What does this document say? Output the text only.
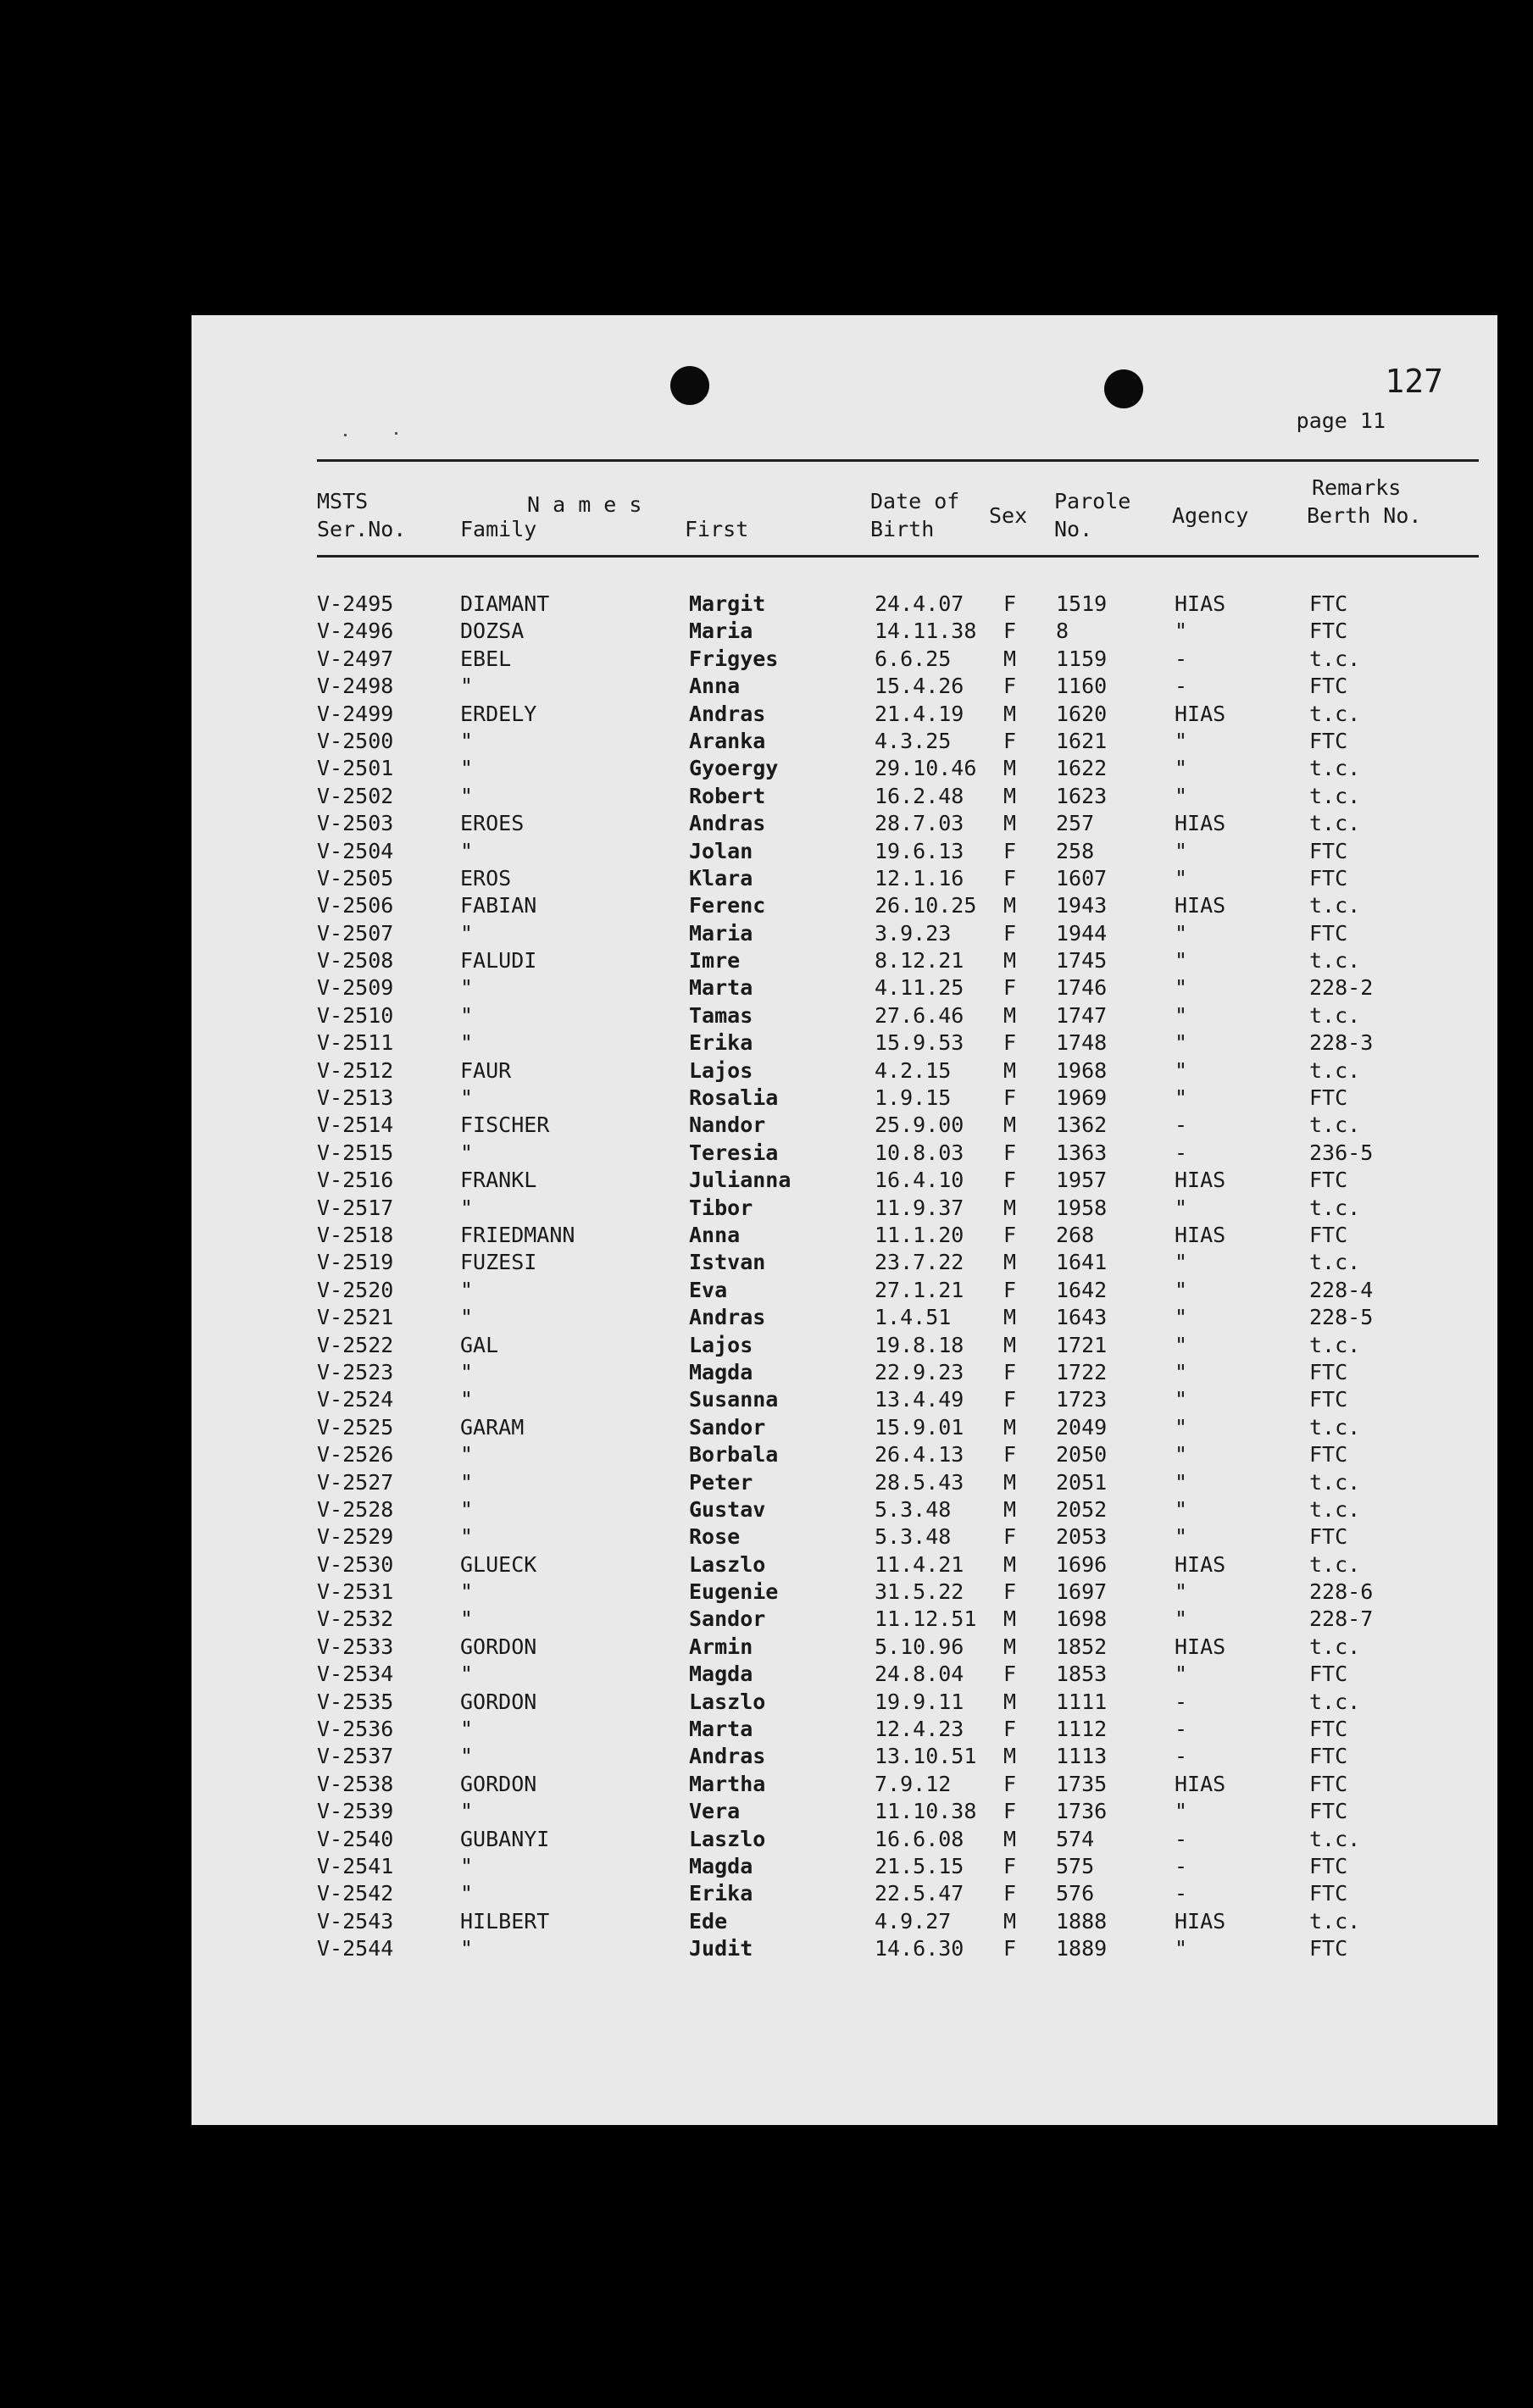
127
page 11
MSTS
Ser.No.
N a m e s
Family	First
Date of
Birth
Sex
Parole
No.
Agency
Remarks
Berth No.
V-2495	DIAMANT	Margit	24.4.07 F 1519	HIAS	FTC
V-2496	DOZSA	Maria	14.11.38 F 8	"	FTC
V-2497	EBEL	Frigyes	6.6.25 M 1159	-	t.c.
V-2498	"	Anna	15.4.26 F 1160	-	FTC
V-2499	ERDELY	Andras	21.4.19 M 1620	HIAS	t.c.
V-2500	"	Aranka	4.3.25 F 1621	"	FTC
V-2501	"	Gyoergy	29.10.46 M 1622	"	t.c.
V-2502	"	Robert	16.2.48 M 1623	"	t.c.
V-2503	EROES	Andras	28.7.03 M 257	HIAS	t.c.
V-2504	"	Jolan	19.6.13 F 258	"	FTC
V-2505	EROS	Klara	12.1.16 F 1607	"	FTC
V-2506	FABIAN	Ferenc	26.10.25 M 1943	HIAS	t.c.
V-2507	"	Maria	3.9.23 F 1944	"	FTC
V-2508	FALUDI	Imre	8.12.21 M 1745	"	t.c.
V-2509	"	Marta	4.11.25 F 1746	"	228-2
V-2510	"	Tamas	27.6.46 M 1747	"	t.c.
V-2511	"	Erika	15.9.53 F 1748	"	228-3
V-2512	FAUR	Lajos	4.2.15 M 1968	"	t.c.
V-2513	"	Rosalia	1.9.15 F 1969	"	FTC
V-2514	FISCHER	Nandor	25.9.00 M 1362	-	t.c.
V-2515	"	Teresia	10.8.03 F 1363	-	236-5
V-2516	FRANKL	Julianna	16.4.10 F 1957	HIAS	FTC
V-2517	"	Tibor	11.9.37 M 1958	"	t.c.
V-2518	FRIEDMANN	Anna	11.1.20 F 268	HIAS	FTC
V-2519	FUZESI	Istvan	23.7.22 M 1641	"	t.c.
V-2520	"	Eva	27.1.21 F 1642	"	228-4
V-2521	"	Andras	1.4.51 M 1643	"	228-5
V-2522	GAL	Lajos	19.8.18 M 1721	"	t.c.
V-2523	"	Magda	22.9.23 F 1722	"	FTC
V-2524	"	Susanna	13.4.49 F 1723	"	FTC
V-2525	GARAM	Sandor	15.9.01 M 2049	"	t.c.
V-2526	"	Borbala	26.4.13 F 2050	"	FTC
V-2527	"	Peter	28.5.43 M 2051	"	t.c.
V-2528	"	Gustav	5.3.48 M 2052	"	t.c.
V-2529	"	Rose	5.3.48 F 2053	"	FTC
V-2530	GLUECK	Laszlo	11.4.21 M 1696	HIAS	t.c.
V-2531	"	Eugenie	31.5.22 F 1697	"	228-6
V-2532	"	Sandor	11.12.51 M 1698	"	228-7
V-2533	GORDON	Armin	5.10.96 M 1852	HIAS	t.c.
V-2534	"	Magda	24.8.04 F 1853	"	FTC
V-2535	GORDON	Laszlo	19.9.11 M 1111	-	t.c.
V-2536	"	Marta	12.4.23 F 1112	-	FTC
V-2537	"	Andras	13.10.51 M 1113	-	FTC
V-2538	GORDON	Martha	7.9.12 F 1735	HIAS	FTC
V-2539	"	Vera	11.10.38 F 1736	"	FTC
V-2540	GUBANYI	Laszlo	16.6.08 M 574	-	t.c.
V-2541	"	Magda	21.5.15 F 575	-	FTC
V-2542	"	Erika	22.5.47 F 576	-	FTC
V-2543	HILBERT	Ede	4.9.27 M 1888	HIAS	t.c.
V-2544	"	Judit	14.6.30 F 1889	"	FTC
